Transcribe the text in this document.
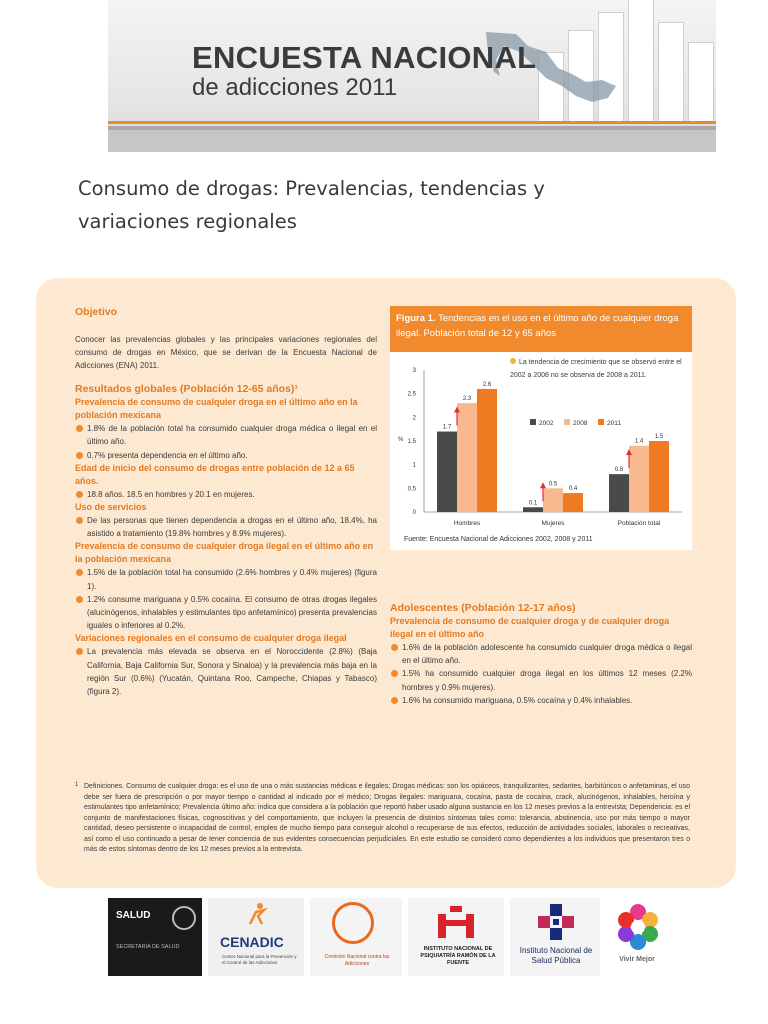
ENCUESTA NACIONAL
de adicciones 2011
Consumo de drogas: Prevalencias, tendencias y variaciones regionales
Objetivo
Conocer las prevalencias globales y las principales variaciones regionales del consumo de drogas en México, que se derivan de la Encuesta Nacional de Adicciones (ENA) 2011.
Resultados globales (Población 12-65 años)¹
Prevalencia de consumo de cualquier droga en el último año en la población mexicana
1.8% de la población total ha consumido cualquier droga médica o ilegal en el último año.
0.7% presenta dependencia en el último año.
Edad de inicio del consumo de drogas entre población de 12 a 65 años.
18.8 años. 18.5 en hombres y 20.1 en mujeres.
Uso de servicios
De las personas que tienen dependencia a drogas en el último año, 18.4%, ha asistido a tratamiento (19.8% hombres y 8.9% mujeres).
Prevalencia de consumo de cualquier droga ilegal en el último año en la población mexicana
1.5% de la población total ha consumido (2.6% hombres y 0.4% mujeres) (figura 1).
1.2% consume mariguana y 0.5% cocaína. El consumo de otras drogas ilegales (alucinógenos, inhalables y estimulantes tipo anfetamínico) presenta prevalencias iguales o inferiores al 0.2%.
Variaciones regionales en el consumo de cualquier droga ilegal
La prevalencia más elevada se observa en el Noroccidente (2.8%) (Baja California, Baja California Sur, Sonora y Sinaloa) y la prevalencia más baja en la región Sur (0.6%) (Yucatán, Quintana Roo, Campeche, Chiapas y Tabasco) (figura 2).
Figura 1. Tendencias en el uso en el último año de cualquier droga ilegal. Población total de 12 y 65 años
0
0.5
1
1.5
2
2.5
3
%
1.7
2.3
2.6
Hombres
0.1
0.5
0.4
Mujeres
0.8
1.4
1.5
Población total
2002	2008	2011
La tendencia de crecimiento que se observó entre el 2002 a 2008 no se observa de 2008 a 2011.
Fuente: Encuesta Nacional de Adicciones 2002, 2008 y 2011
Adolescentes (Población 12-17 años)
Prevalencia de consumo de cualquier droga y de cualquier droga ilegal en el último año
1.6% de la población adolescente ha consumido cualquier droga médica o ilegal en el último año.
1.5% ha consumido cualquier droga ilegal en los últimos 12 meses (2.2% hombres y 0.9% mujeres).
1.6% ha consumido mariguana, 0.5% cocaína y 0.4% inhalables.
1 Definiciones. Consumo de cualquier droga: es el uso de una o más sustancias médicas e ilegales; Drogas médicas: son los opiáceos, tranquilizantes, sedantes, barbitúricos o anfetaminas, el uso debe ser fuera de prescripción o por mayor tiempo o cantidad al indicado por el médico; Drogas ilegales: mariguana, cocaína, pasta de cocaína, crack, alucinógenos, inhalables, heroína y estimulantes tipo anfetamínico; Prevalencia último año: indica que considera a la población que reportó haber usado alguna sustancia en los 12 meses previos a la entrevista; Dependencia: es el conjunto de manifestaciones físicas, cognoscitivas y del comportamiento, que incluyen la presencia de distintos síntomas tales como: tolerancia, abstinencia, uso por más tiempo o mayor cantidad, deseo persistente o incapacidad de control, empleo de mucho tiempo para conseguir alcohol o recuperarse de sus efectos, reducción de actividades sociales, laborales o recreativas, así como el uso continuado a pesar de tener conciencia de sus evidentes consecuencias perjudiciales. En este estudio se consideró como dependientes a los individuos que presentaron tres o más de estos síntomas dentro de los 12 meses previos a la entrevista.
SALUD
SECRETARÍA DE SALUD	CENADIC
Centro Nacional para la Prevención y el Control de las Adicciones
Comisión Nacional contra las Adicciones
INSTITUTO NACIONAL DE PSIQUIATRÍA RAMÓN DE LA FUENTE
Instituto Nacional de Salud Pública	Vivir Mejor
